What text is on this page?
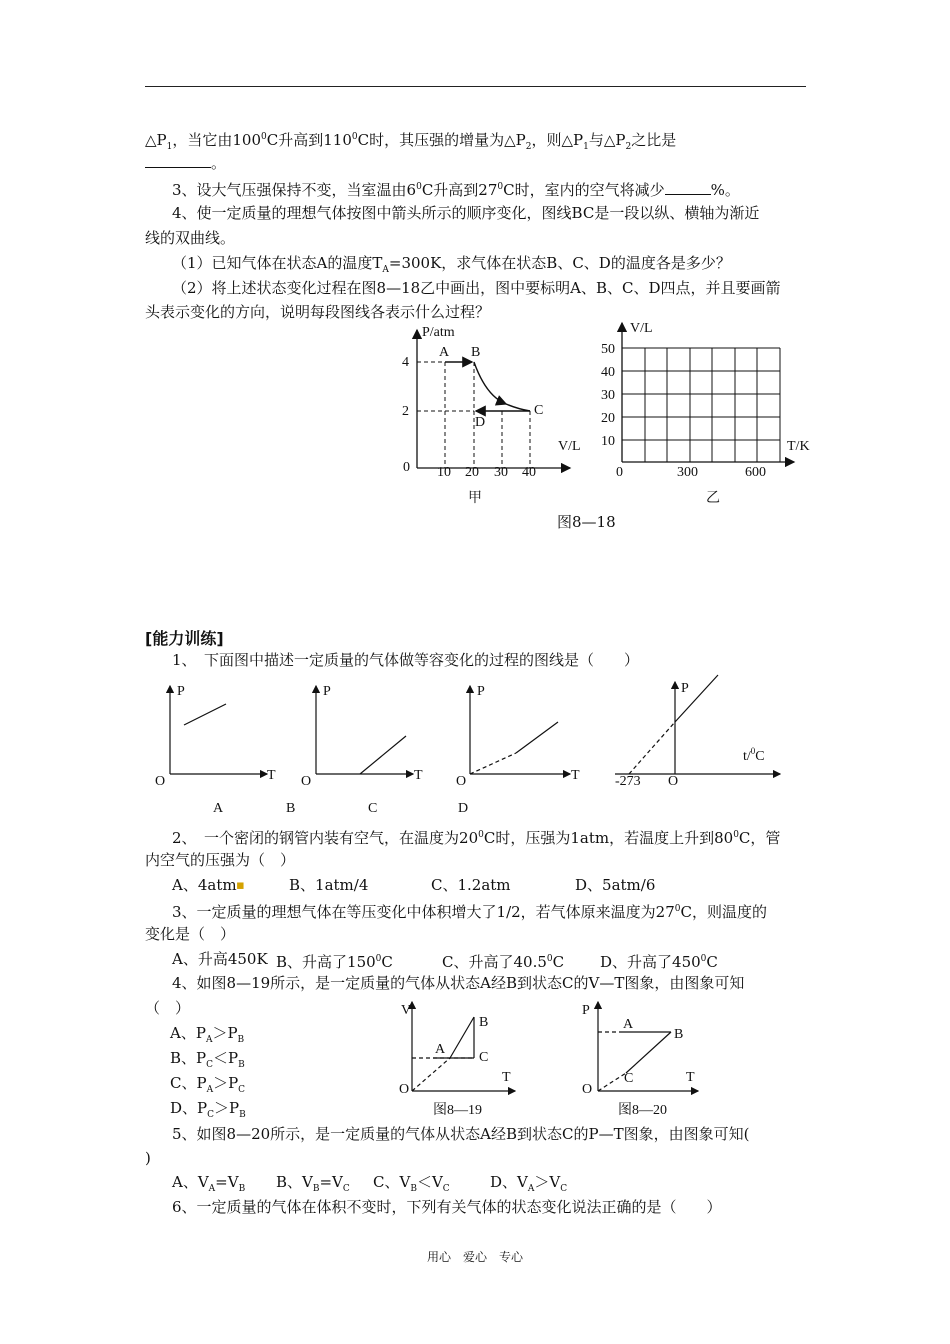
$\triangle P_1$，当它由$100^0C$升高到$110^0C$时，其压强的增量为$\triangle P_2$，则$\triangle P_1$与$\triangle P_2$之比是
。
3、设大气压强保持不变，当室温由$6^0C$升高到$27^0C$时，室内的空气将减少	%。
4、使一定质量的理想气体按图中箭头所示的顺序变化，图线BC是一段以纵、横轴为渐近
线的双曲线。
（1）已知气体在状态A的温度$T_A=300K$，求气体在状态B、C、D的温度各是多少？
（2）将上述状态变化过程在图8—18乙中画出，图中要标明A、B、C、D四点，并且要画箭
头表示变化的方向，说明每段图线各表示什么过程？
P/atm
V/L
0
4
2
10 20 30 40
A B
C
D
甲
V/L
T/K
50
40
30
20
10
0	300	600
乙
图8—18
[能力训练]
1、　下面图中描述一定质量的气体做等容变化的过程的图线是（　　）
P
T
O
P
T
O
P
T
O
P
t/$^0$C
O
-273
A	B	C	D
2、　一个密闭的钢管内装有空气，在温度为$20^0C$时，压强为1atm，若温度上升到$80^0C$，管
内空气的压强为（　）
A、4atm ▪	B、1atm/4	C、1.2atm	D、5atm/6
3、一定质量的理想气体在等压变化中体积增大了1/2，若气体原来温度为$27^0C$，则温度的
变化是（　）
A、升高450K B、升高了$150^0C$	C、升高了40.5$^0$C D、升高了$450^0C$
4、如图8—19所示，是一定质量的气体从状态A经B到状态C的V—T图象，由图象可知
（　）
A、$P_A>P_B$
B、$P_C<P_B$
C、$P_A>P_C$
D、$P_C>P_B$
V
T
O
A
B
C
图8—19
P
T
O
A
B
C
图8—20
5、如图8—20所示，是一定质量的气体从状态A经B到状态C的P—T图象，由图象可知(
)
A、$V_A=V_B$ B、$V_B=V_C$ C、$V_B<V_C$	D、$V_A>V_C$
6、一定质量的气体在体积不变时，下列有关气体的状态变化说法正确的是（　　）
用心　爱心　专心
